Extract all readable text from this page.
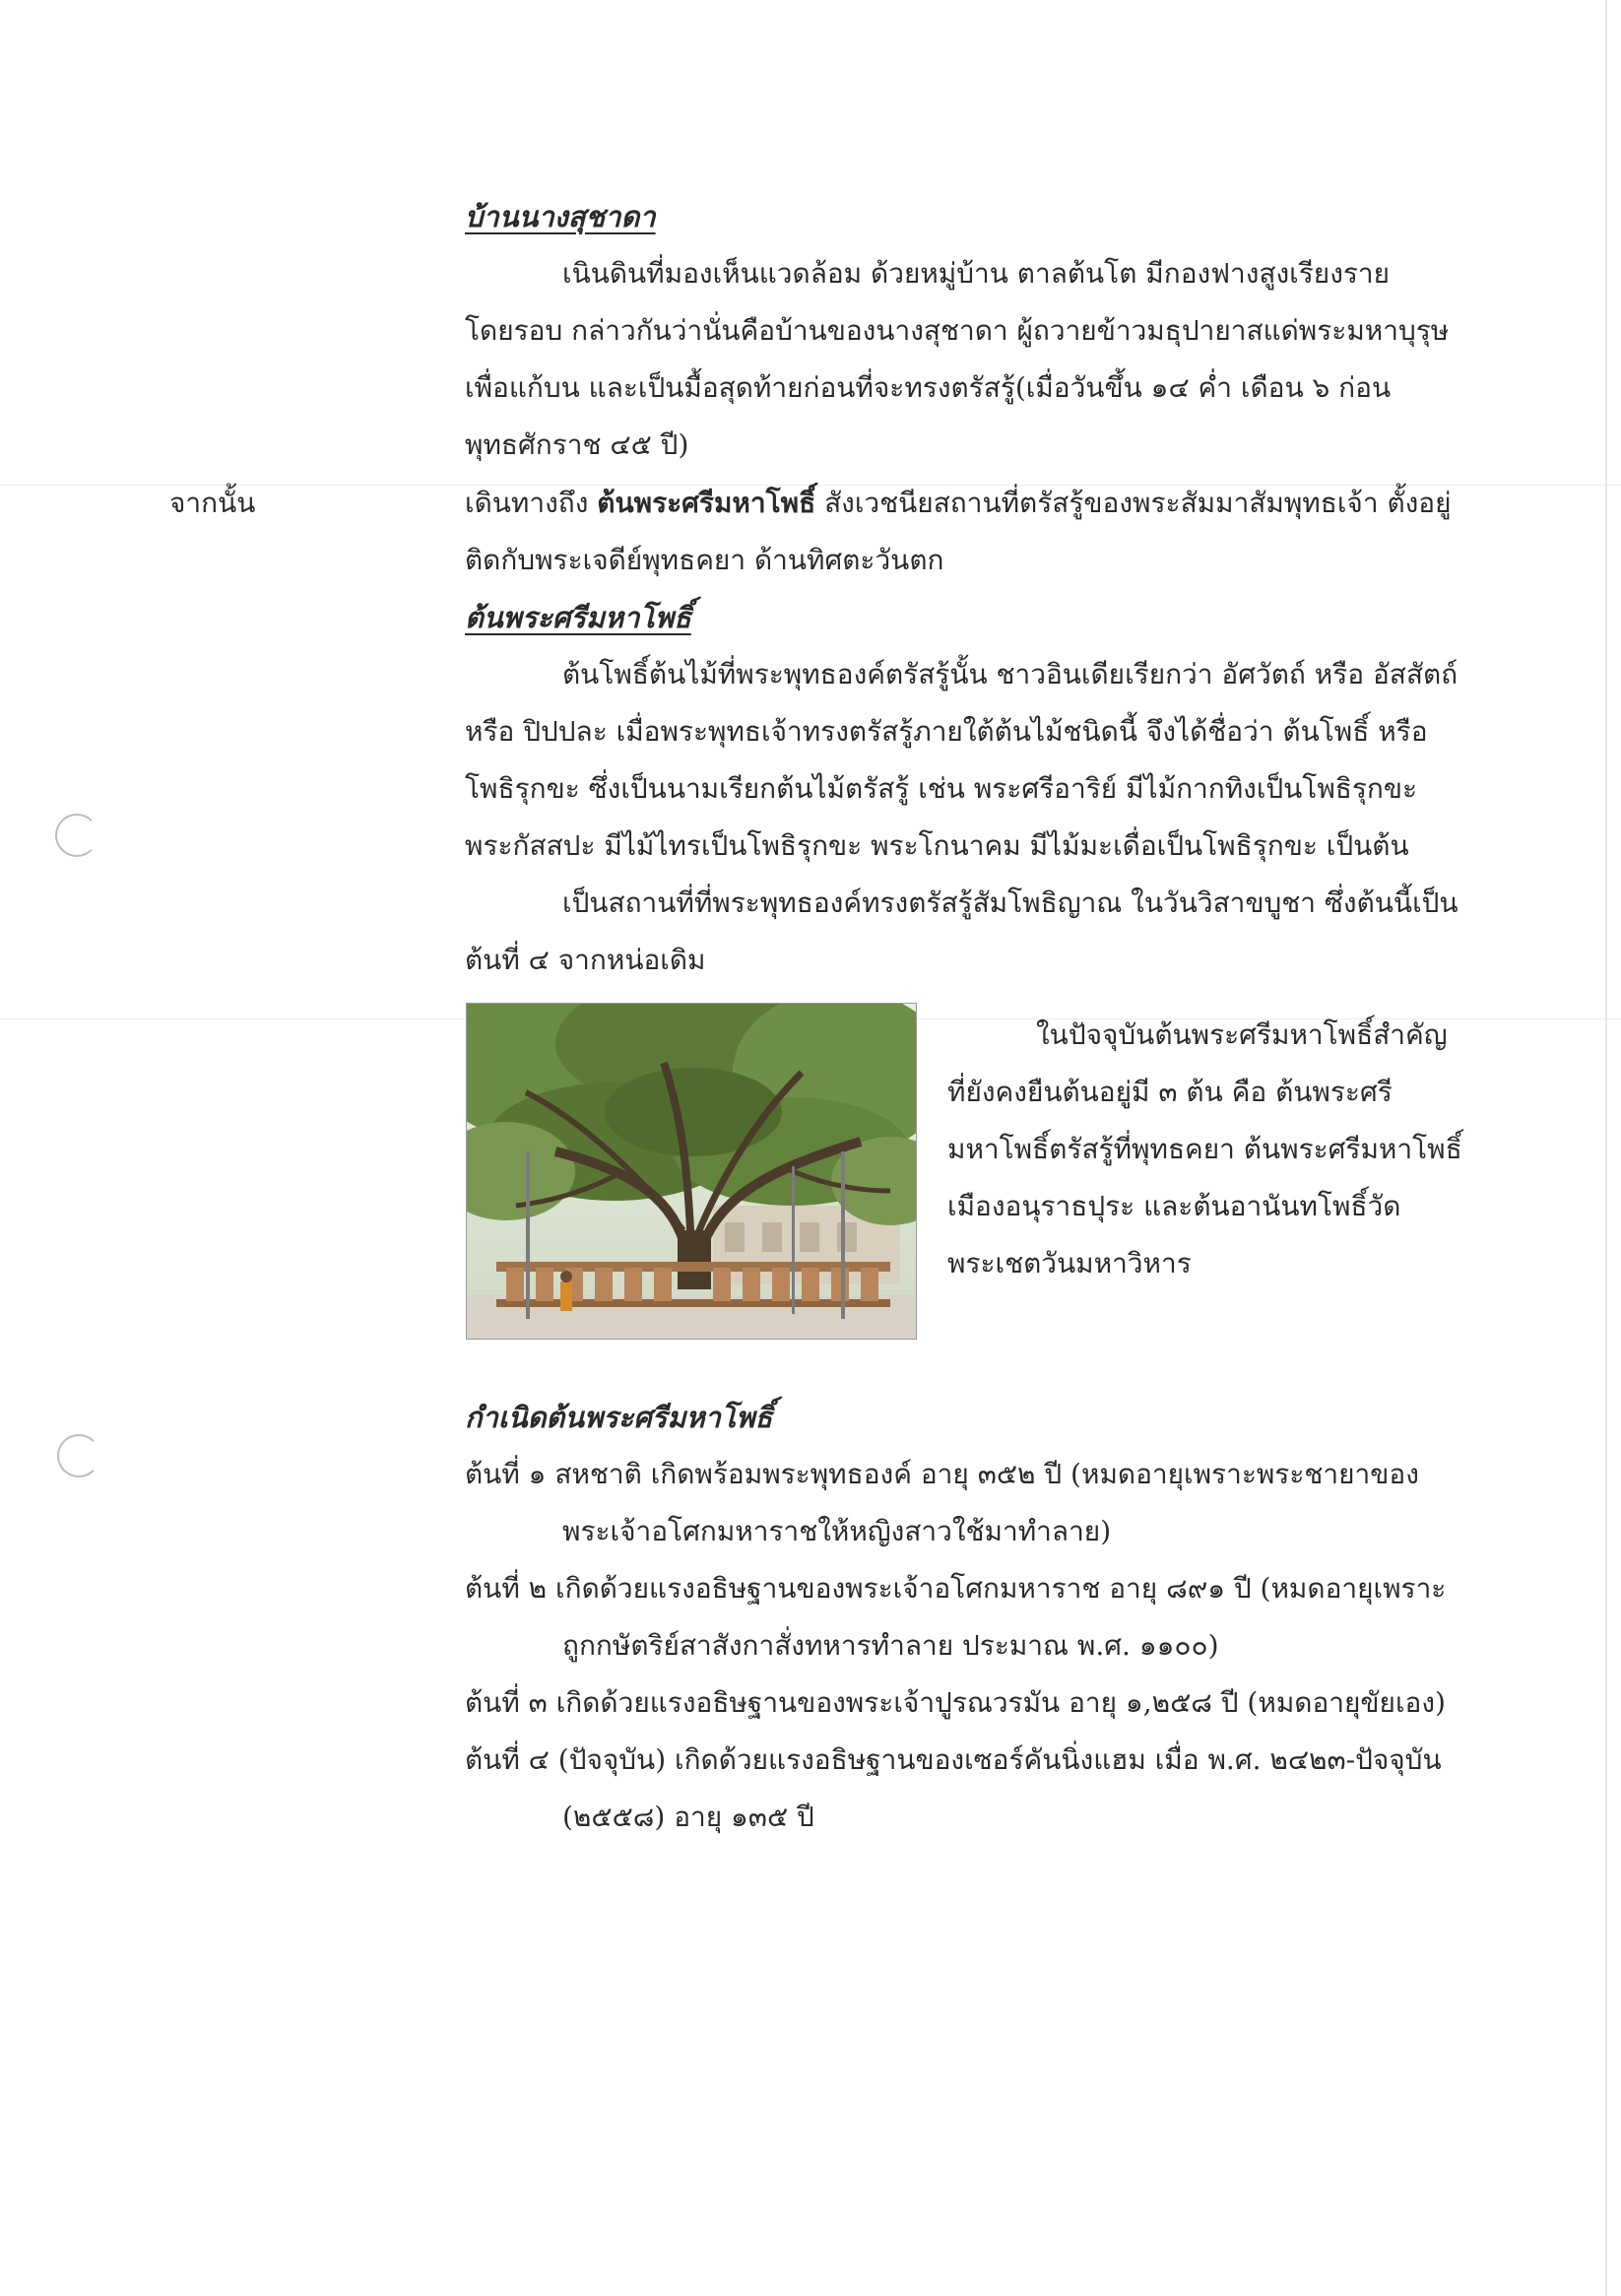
บ้านนางสุชาดา
เนินดินที่มองเห็นแวดล้อม ด้วยหมู่บ้าน ตาลต้นโต มีกองฟางสูงเรียงราย
โดยรอบ กล่าวกันว่านั่นคือบ้านของนางสุชาดา ผู้ถวายข้าวมธุปายาสแด่พระมหาบุรุษ
เพื่อแก้บน และเป็นมื้อสุดท้ายก่อนที่จะทรงตรัสรู้(เมื่อวันขึ้น ๑๔ ค่ำ เดือน ๖ ก่อน
พุทธศักราช ๔๕ ปี)
จากนั้น	เดินทางถึง ต้นพระศรีมหาโพธิ์ สังเวชนียสถานที่ตรัสรู้ของพระสัมมาสัมพุทธเจ้า ตั้งอยู่
ติดกับพระเจดีย์พุทธคยา ด้านทิศตะวันตก
ต้นพระศรีมหาโพธิ์
ต้นโพธิ์ต้นไม้ที่พระพุทธองค์ตรัสรู้นั้น ชาวอินเดียเรียกว่า อัศวัตถ์ หรือ อัสสัตถ์
หรือ ปิปปละ เมื่อพระพุทธเจ้าทรงตรัสรู้ภายใต้ต้นไม้ชนิดนี้ จึงได้ชื่อว่า ต้นโพธิ์ หรือ
โพธิรุกขะ ซึ่งเป็นนามเรียกต้นไม้ตรัสรู้ เช่น พระศรีอาริย์ มีไม้กากทิงเป็นโพธิรุกขะ
พระกัสสปะ มีไม้ไทรเป็นโพธิรุกขะ พระโกนาคม มีไม้มะเดื่อเป็นโพธิรุกขะ เป็นต้น
เป็นสถานที่ที่พระพุทธองค์ทรงตรัสรู้สัมโพธิญาณ ในวันวิสาขบูชา ซึ่งต้นนี้เป็น
ต้นที่ ๔ จากหน่อเดิม
ในปัจจุบันต้นพระศรีมหาโพธิ์สำคัญ
ที่ยังคงยืนต้นอยู่มี ๓ ต้น คือ ต้นพระศรี
มหาโพธิ์ตรัสรู้ที่พุทธคยา ต้นพระศรีมหาโพธิ์
เมืองอนุราธปุระ และต้นอานันทโพธิ์วัด
พระเชตวันมหาวิหาร
กำเนิดต้นพระศรีมหาโพธิ์
ต้นที่ ๑ สหชาติ เกิดพร้อมพระพุทธองค์ อายุ ๓๕๒ ปี (หมดอายุเพราะพระชายาของ
พระเจ้าอโศกมหาราชให้หญิงสาวใช้มาทำลาย)
ต้นที่ ๒ เกิดด้วยแรงอธิษฐานของพระเจ้าอโศกมหาราช อายุ ๘๙๑ ปี (หมดอายุเพราะ
ถูกกษัตริย์สาสังกาสั่งทหารทำลาย ประมาณ พ.ศ. ๑๑๐๐)
ต้นที่ ๓ เกิดด้วยแรงอธิษฐานของพระเจ้าปูรณวรมัน อายุ ๑,๒๕๘ ปี (หมดอายุขัยเอง)
ต้นที่ ๔ (ปัจจุบัน) เกิดด้วยแรงอธิษฐานของเซอร์คันนิ่งแฮม เมื่อ พ.ศ. ๒๔๒๓-ปัจจุบัน
(๒๕๕๘) อายุ ๑๓๕ ปี
